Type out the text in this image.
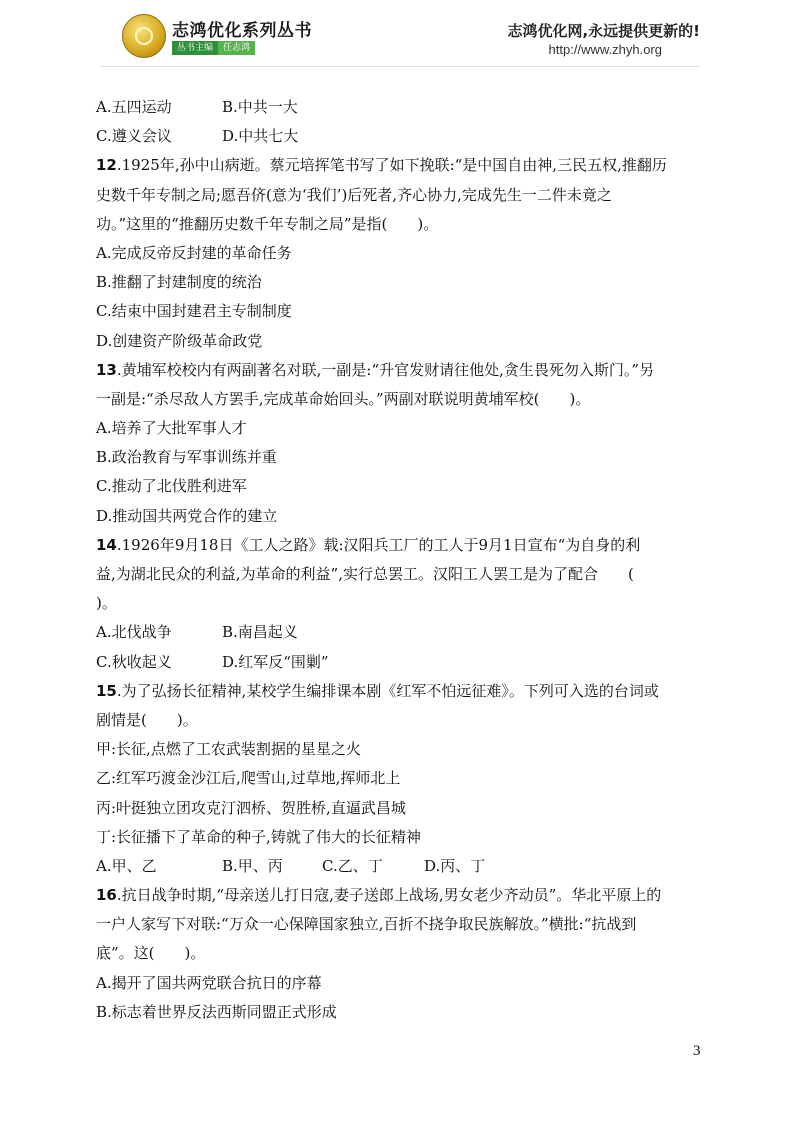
志鸿优化系列丛书
丛书主编	任志鸿
志鸿优化网,永远提供更新的!
http://www.zhyh.org
A.五四运动	B.中共一大
C.遵义会议	D.中共七大
12.1925年,孙中山病逝。蔡元培挥笔书写了如下挽联:“是中国自由神,三民五权,推翻历
史数千年专制之局;愿吾侪(意为‘我们’)后死者,齐心协力,完成先生一二件未竟之
功。”这里的“推翻历史数千年专制之局”是指(　　)。
A.完成反帝反封建的革命任务
B.推翻了封建制度的统治
C.结束中国封建君主专制制度
D.创建资产阶级革命政党
13.黄埔军校校内有两副著名对联,一副是:“升官发财请往他处,贪生畏死勿入斯门。”另
一副是:“杀尽敌人方罢手,完成革命始回头。”两副对联说明黄埔军校(　　)。
A.培养了大批军事人才
B.政治教育与军事训练并重
C.推动了北伐胜利进军
D.推动国共两党合作的建立
14.1926年9月18日《工人之路》载:汉阳兵工厂的工人于9月1日宣布“为自身的利
益,为湖北民众的利益,为革命的利益”,实行总罢工。汉阳工人罢工是为了配合　　(
)。
A.北伐战争	B.南昌起义
C.秋收起义	D.红军反“围剿”
15.为了弘扬长征精神,某校学生编排课本剧《红军不怕远征难》。下列可入选的台词或
剧情是(　　)。
甲:长征,点燃了工农武装割据的星星之火
乙:红军巧渡金沙江后,爬雪山,过草地,挥师北上
丙:叶挺独立团攻克汀泗桥、贺胜桥,直逼武昌城
丁:长征播下了革命的种子,铸就了伟大的长征精神
A.甲、乙	B.甲、丙	C.乙、丁	D.丙、丁
16.抗日战争时期,“母亲送儿打日寇,妻子送郎上战场,男女老少齐动员”。华北平原上的
一户人家写下对联:“万众一心保障国家独立,百折不挠争取民族解放。”横批:“抗战到
底”。这(　　)。
A.揭开了国共两党联合抗日的序幕
B.标志着世界反法西斯同盟正式形成
3
